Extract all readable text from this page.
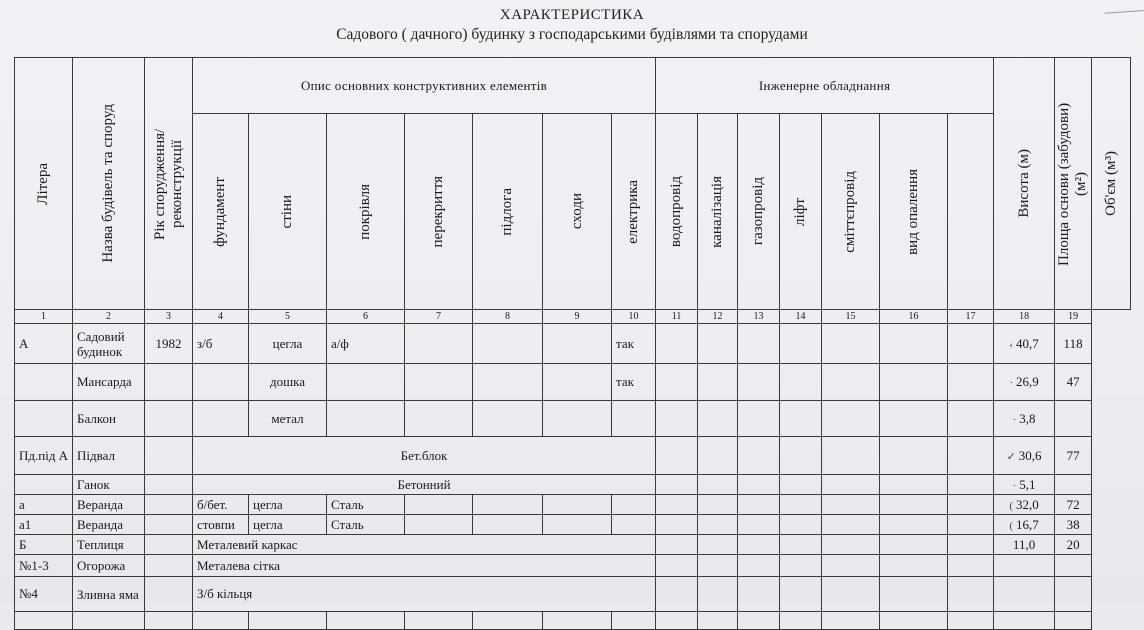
ХАРАКТЕРИСТИКА
Садового ( дачного) будинку з господарськими будівлями та спорудами
Літера	Назва будівель та споруд	Рік спорудження/ реконструкції	Опис основних конструктивних елементів							Інженерне обладнання							Висота (м)	Площа основи (забудови) (м²)	Об'єм (м³)

			фундамент	стіни	покрівля	перекриття	підлога	сходи	електрика	водопровід	каналізація	газопровід	ліфт	сміттєпровід	вид опалення				

1	2	3	4	5	6	7	8	9	10	11	12	13	14	15	16	17	18	19	
А	Садовий будинок	1982	з/б	цегла	а/ф				так								‹ 40,7	118	
	Мансарда			дошка					так								· 26,9	47	
	Балкон			метал													· 3,8		
Пд.під А	Підвал		Бет.блок														✓ 30,6	77	
	Ганок		Бетонний														· 5,1		
а	Веранда		б/бет.	цегла	Сталь												( 32,0	72	
а1	Веранда		стовпи	цегла	Сталь												( 16,7	38	
Б	Теплиця		Металевий каркас														11,0	20	
№1-3	Огорожа		Металева сітка																
№4	Зливна яма		З/б кільця																
